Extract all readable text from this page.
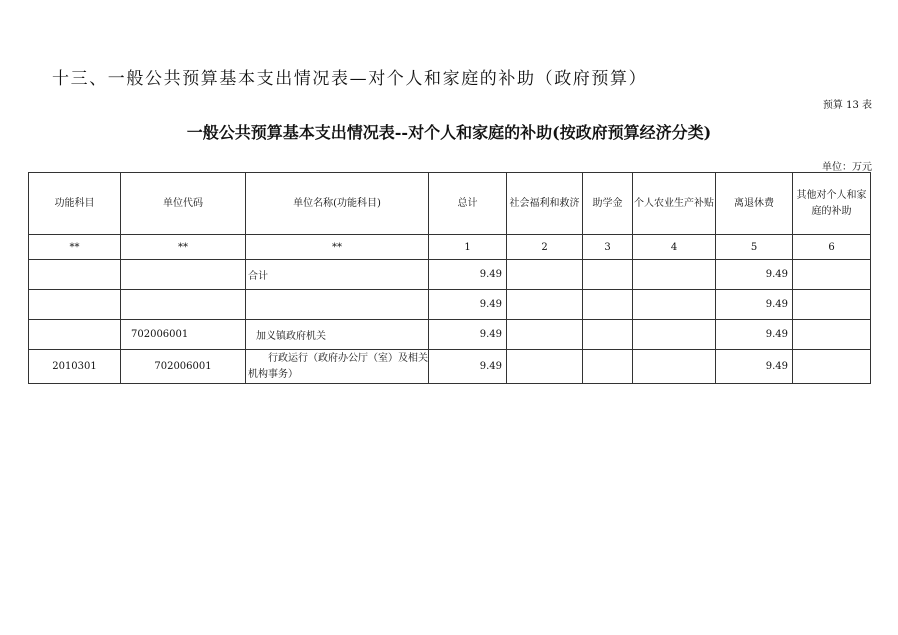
十三、一般公共预算基本支出情况表—对个人和家庭的补助（政府预算）
预算 13 表
一般公共预算基本支出情况表--对个人和家庭的补助(按政府预算经济分类)
单位：万元
功能科目	单位代码	单位名称(功能科目)	总计	社会福利和救济	助学金	个人农业生产补贴	离退休费	其他对个人和家庭的补助
**	**	**	1	2	3	4	5	6
		合计	9.49				9.49	
			9.49				9.49	
	702006001	加义镇政府机关	9.49				9.49	
2010301	702006001	行政运行（政府办公厅（室）及相关机构事务）	9.49				9.49	
